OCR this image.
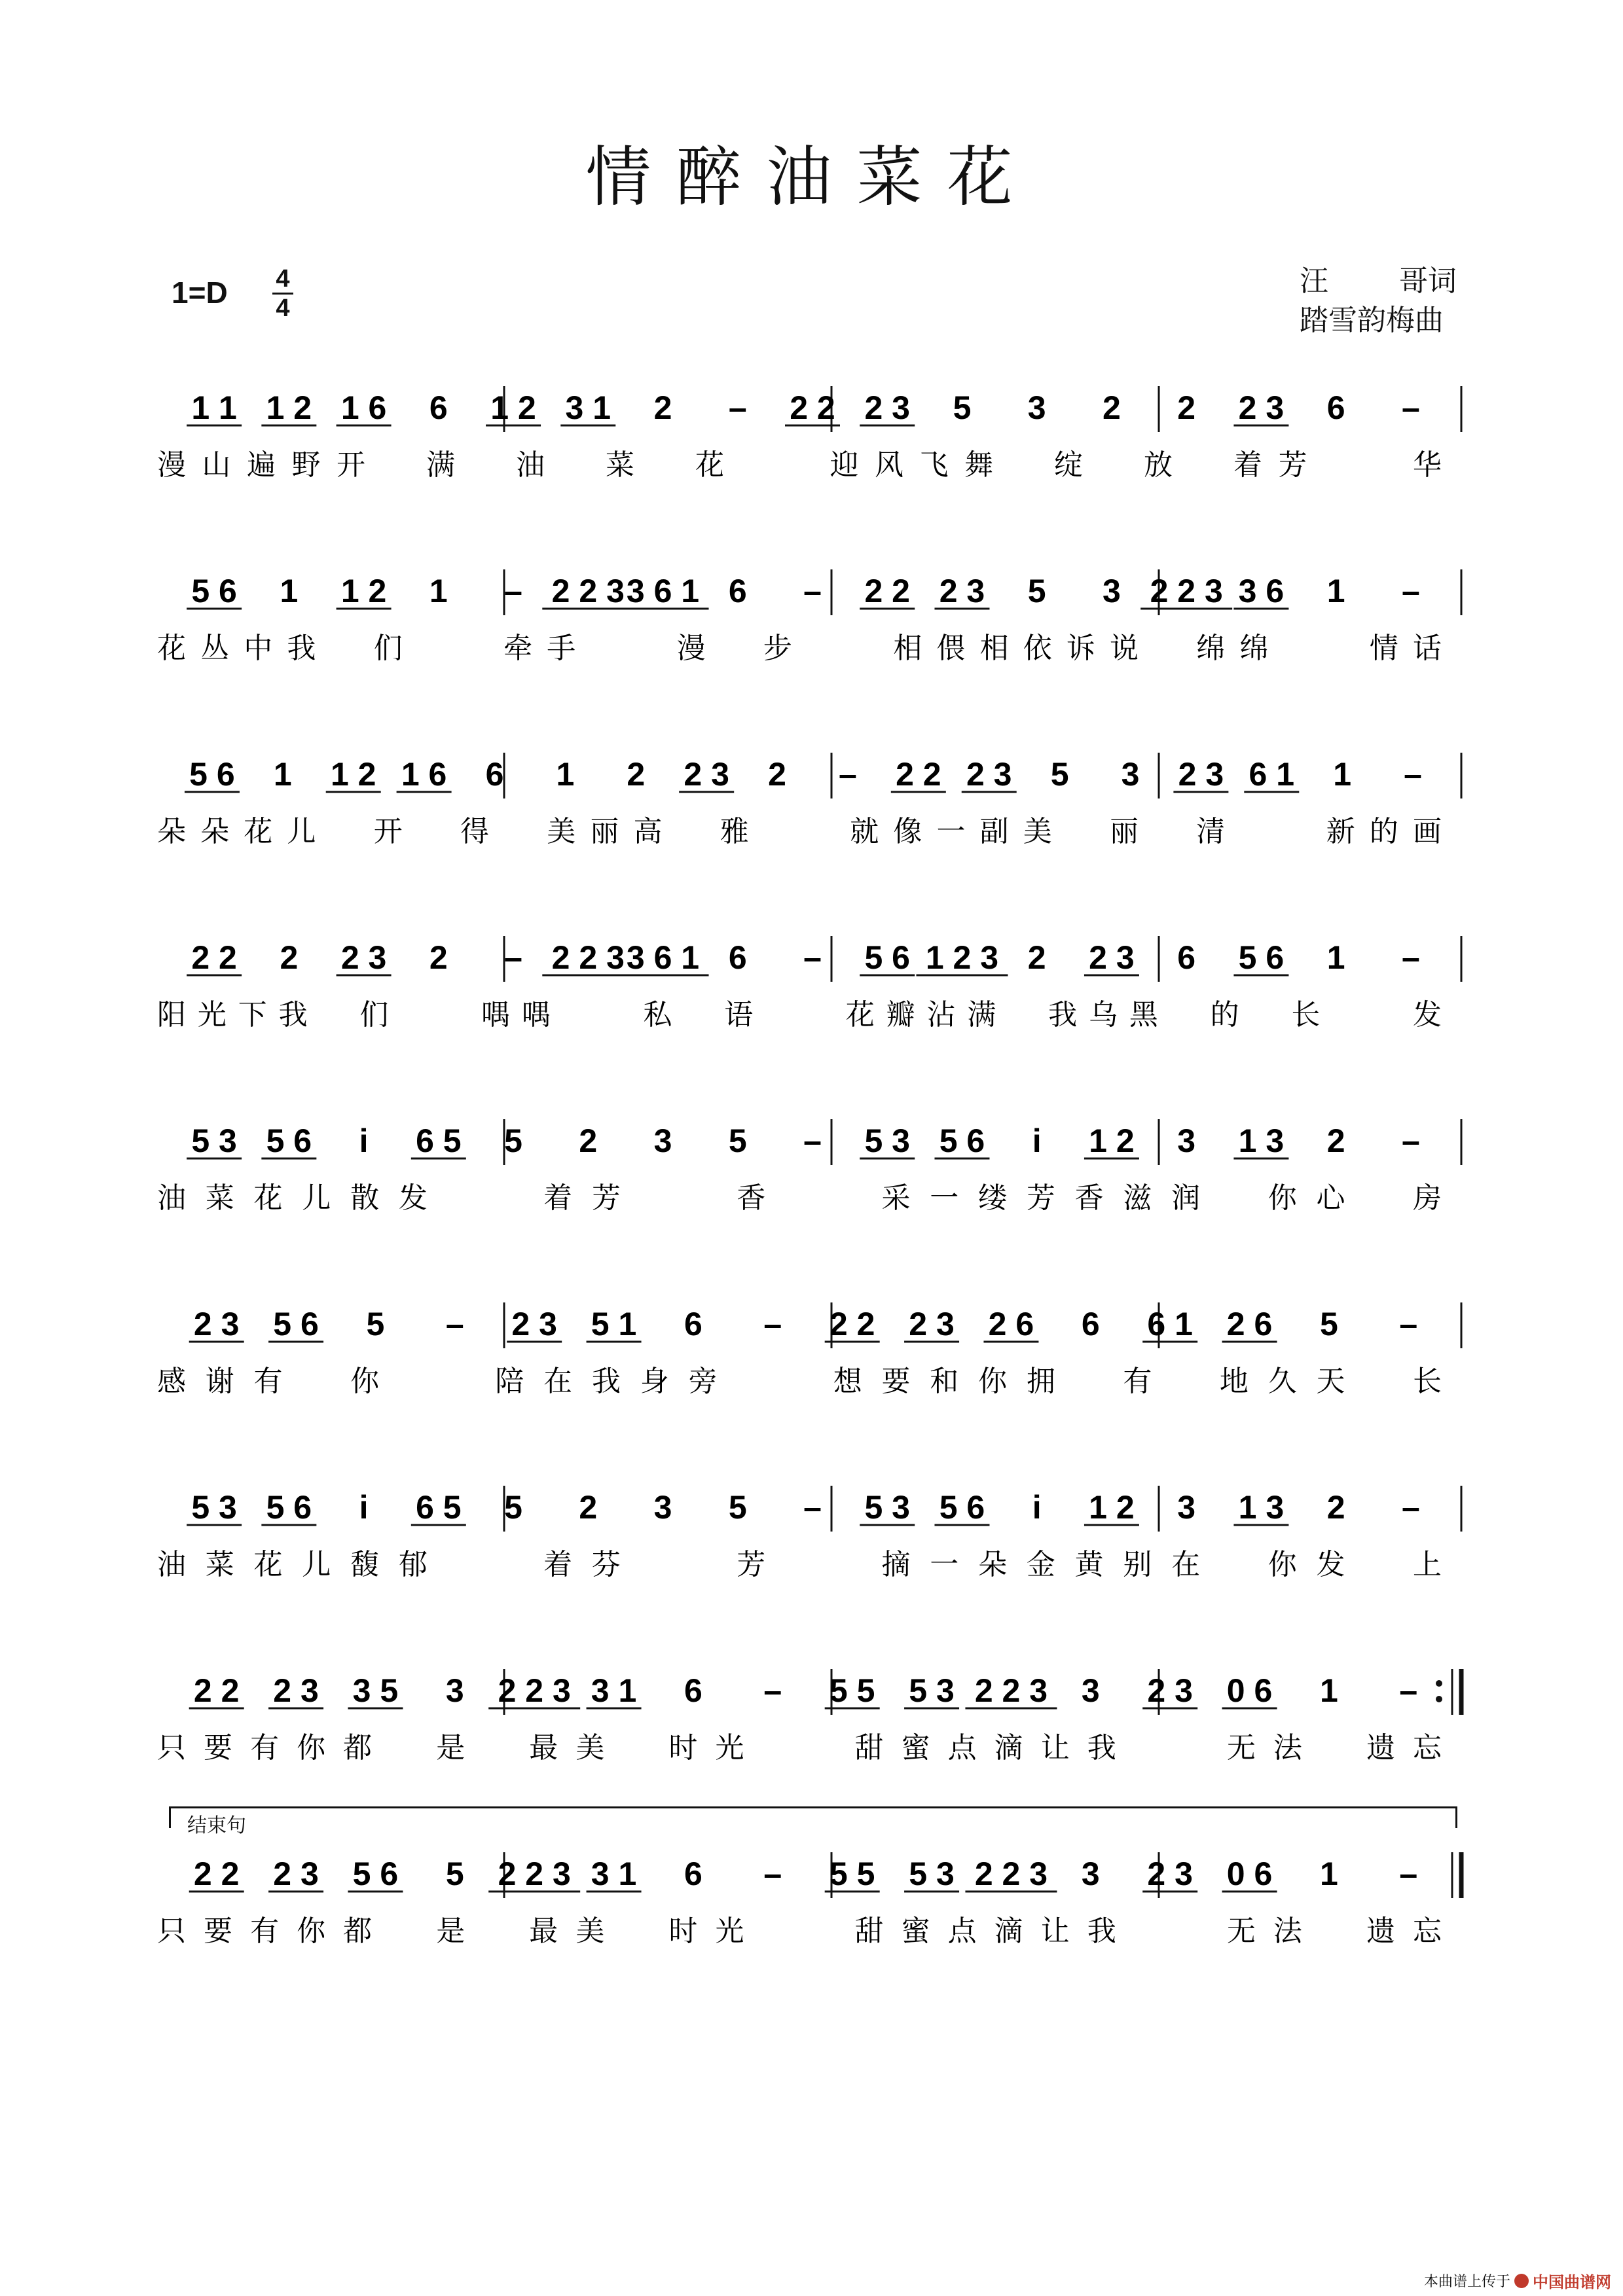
情醉油菜花
1=D 4
4
汪 哥词
踏雪韵梅曲
结束句
1 1 1 2 1 6 6 1 2 3 1 2 – 2 2 2 3 5 3 2 2 2 3 6 –
漫山遍野开　满　油　菜　花　　迎风飞舞　绽　放　着芳　　华
5 6 1 1 2 1 – 2 2 3 3 6 1 6 – 2 2 2 3 5 3 2 2 3 3 6 1 –
花丛中我　们　　牵手　　漫　步　　相偎相依诉说　绵绵　　情话
5 6 1 1 2 1 6 6 1 2 2 3 2 – 2 2 2 3 5 3 2 3 6 1 1 –
朵朵花儿　开　得　美丽高　雅　　就像一副美　丽　清　　新的画
2 2 2 2 3 2 – 2 2 3 3 6 1 6 – 5 6 1 2 3 2 2 3 6 5 6 1 –
阳光下我　们　　喁喁　　私　语　　花瓣沾满　我乌黑　的　长　　发
5 3 5 6 i 6 5 5 2 3 5 – 5 3 5 6 i 1 2 3 1 3 2 –
油菜花儿散发　　着芳　　香　　采一缕芳香滋润　你心　房
2 3 5 6 5 – 2 3 5 1 6 – 2 2 2 3 2 6 6 6 1 2 6 5 –
感谢有　你　　陪在我身旁　　想要和你拥　有　地久天　长
5 3 5 6 i 6 5 5 2 3 5 – 5 3 5 6 i 1 2 3 1 3 2 –
油菜花儿馥郁　　着芬　　芳　　摘一朵金黄别在　你发　上
2 2 2 3 3 5 3 2 2 3 3 1 6 – 5 5 5 3 2 2 3 3 2 3 0 6 1 –
只要有你都　是　最美　时光　　甜蜜点滴让我　　无法　遗忘
2 2 2 3 5 6 5 2 2 3 3 1 6 – 5 5 5 3 2 2 3 3 2 3 0 6 1 –
只要有你都　是　最美　时光　　甜蜜点滴让我　　无法　遗忘
本曲谱上传于 中国曲谱网
